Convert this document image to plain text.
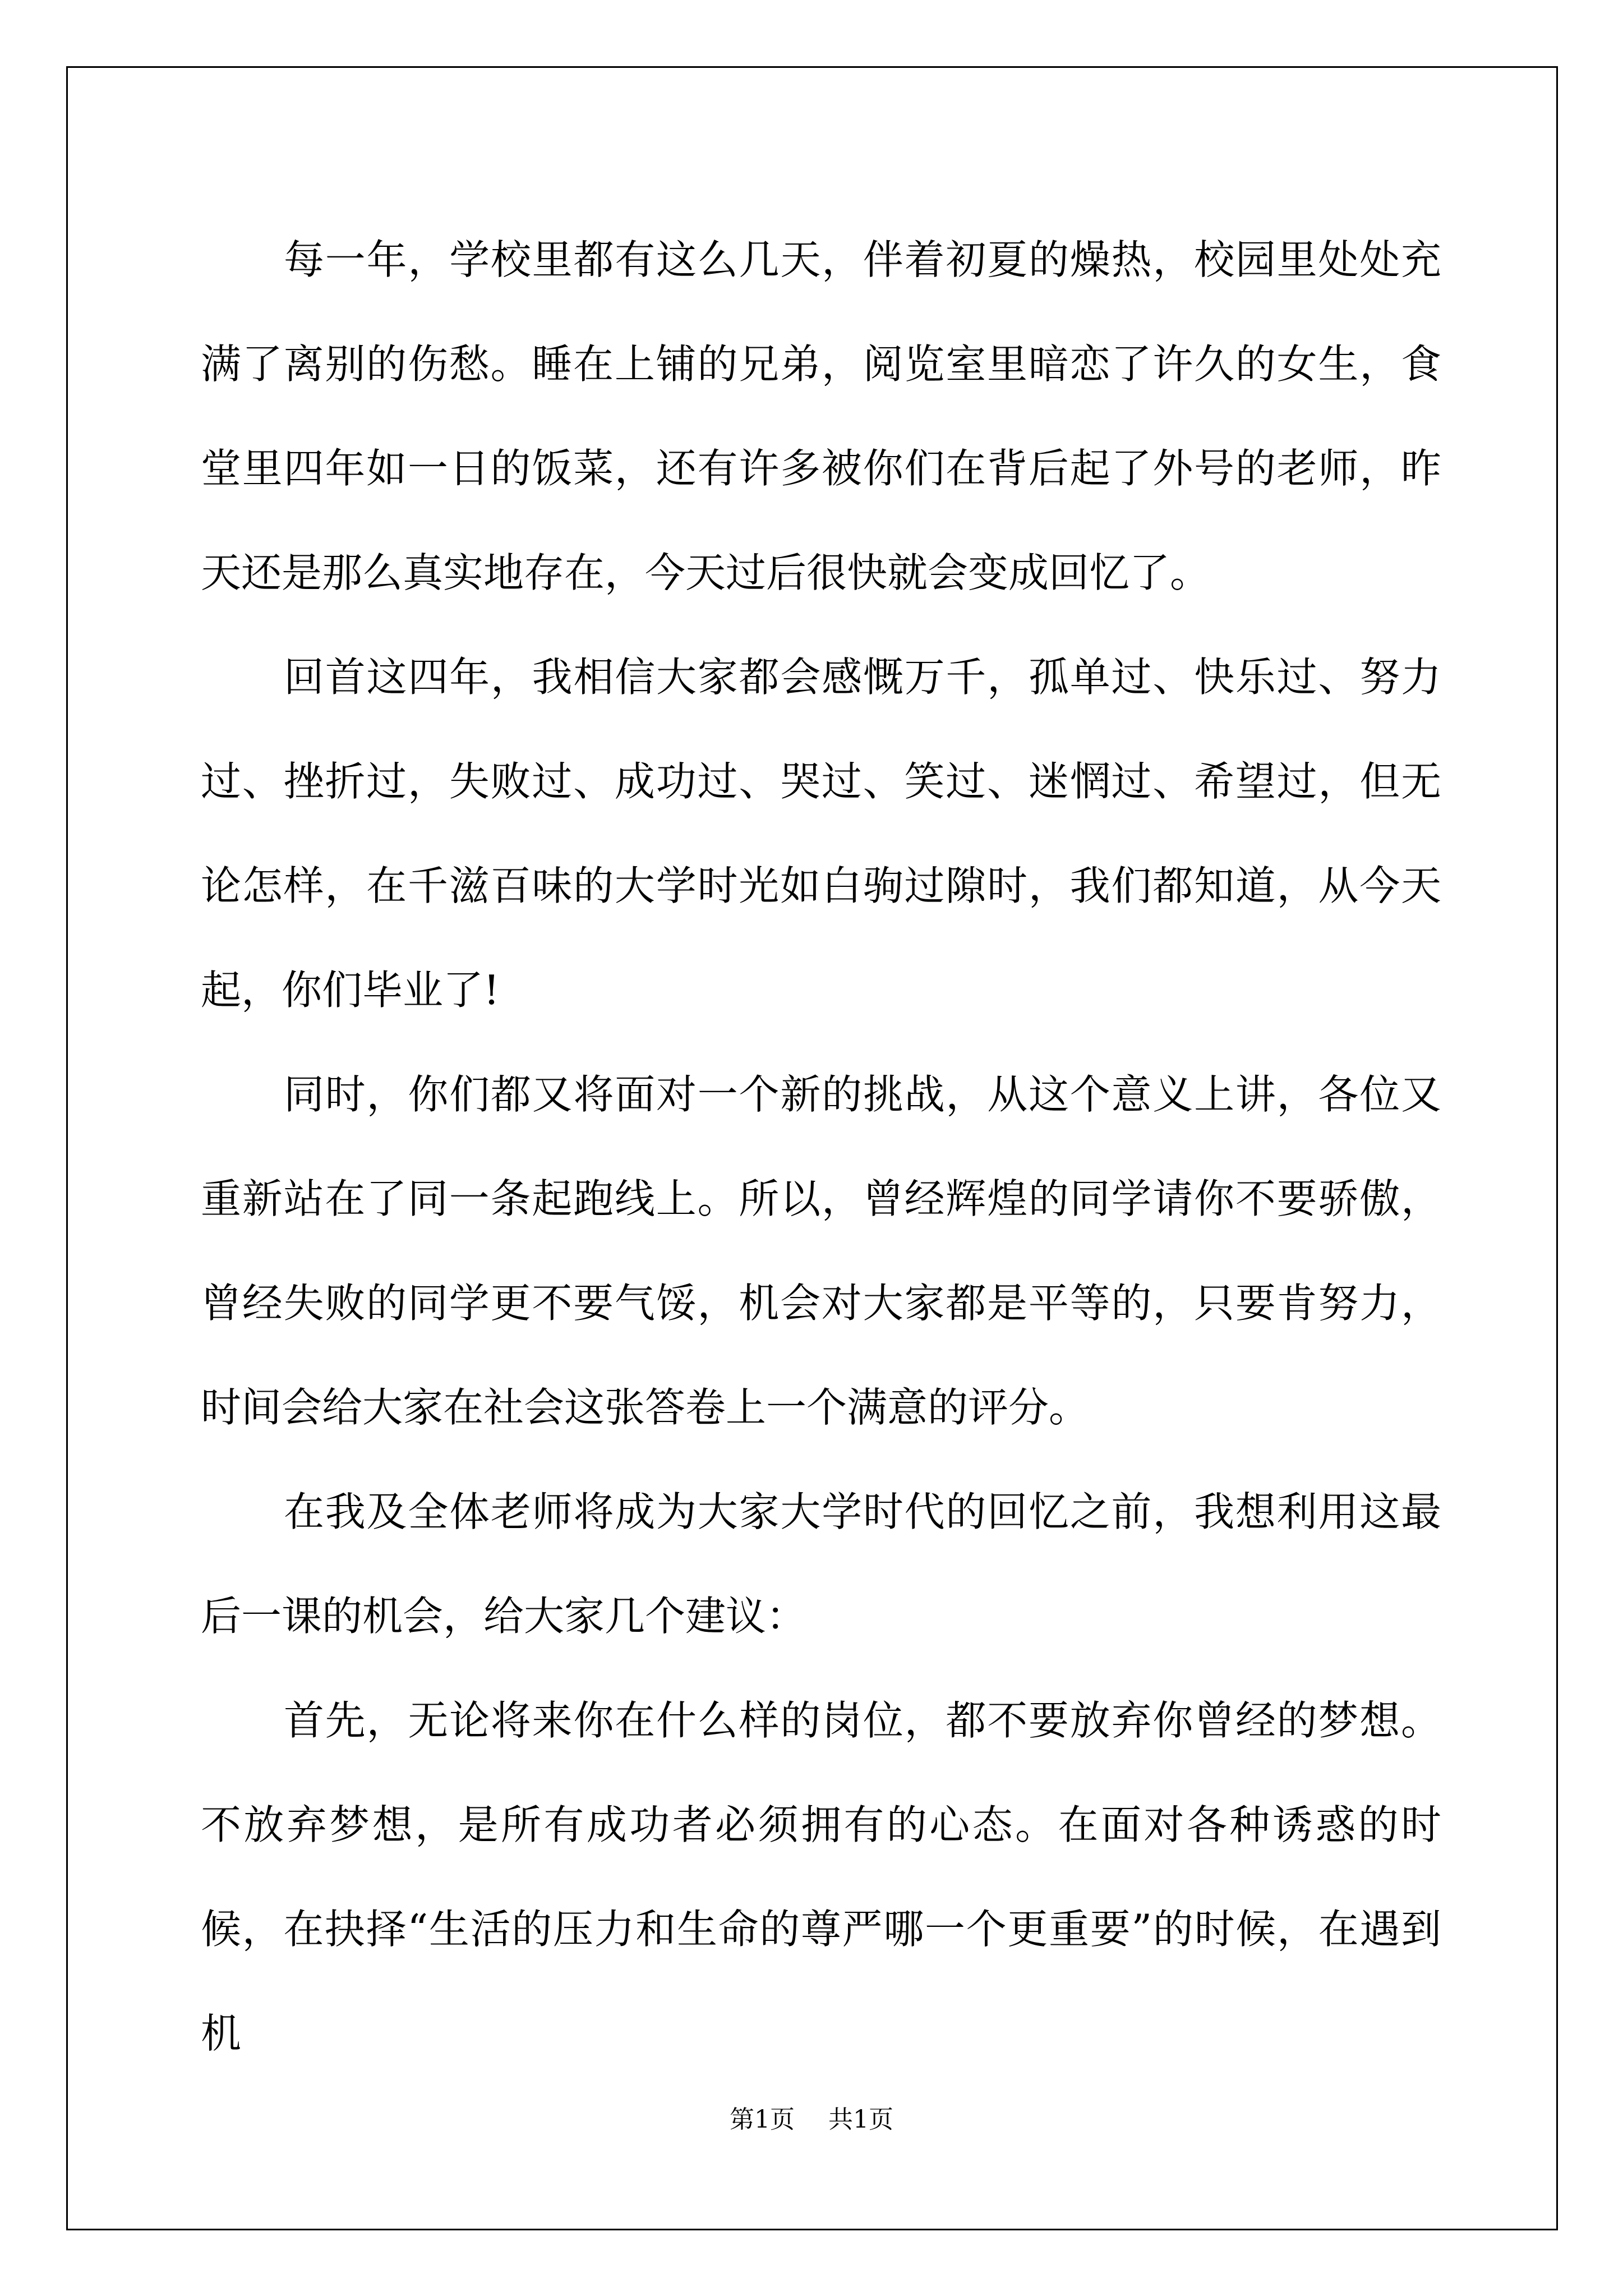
每一年，学校里都有这么几天，伴着初夏的燥热，校园里处处充满了离别的伤愁。睡在上铺的兄弟，阅览室里暗恋了许久的女生，食堂里四年如一日的饭菜，还有许多被你们在背后起了外号的老师，昨天还是那么真实地存在，今天过后很快就会变成回忆了。

回首这四年，我相信大家都会感慨万千，孤单过、快乐过、努力过、挫折过，失败过、成功过、哭过、笑过、迷惘过、希望过，但无论怎样，在千滋百味的大学时光如白驹过隙时，我们都知道，从今天起，你们毕业了!

同时，你们都又将面对一个新的挑战，从这个意义上讲，各位又重新站在了同一条起跑线上。所以，曾经辉煌的同学请你不要骄傲，曾经失败的同学更不要气馁，机会对大家都是平等的，只要肯努力，时间会给大家在社会这张答卷上一个满意的评分。

在我及全体老师将成为大家大学时代的回忆之前，我想利用这最后一课的机会，给大家几个建议：

首先，无论将来你在什么样的岗位，都不要放弃你曾经的梦想。不放弃梦想，是所有成功者必须拥有的心态。在面对各种诱惑的时候，在抉择“生活的压力和生命的尊严哪一个更重要”的时候，在遇到机

第1页 共1页
